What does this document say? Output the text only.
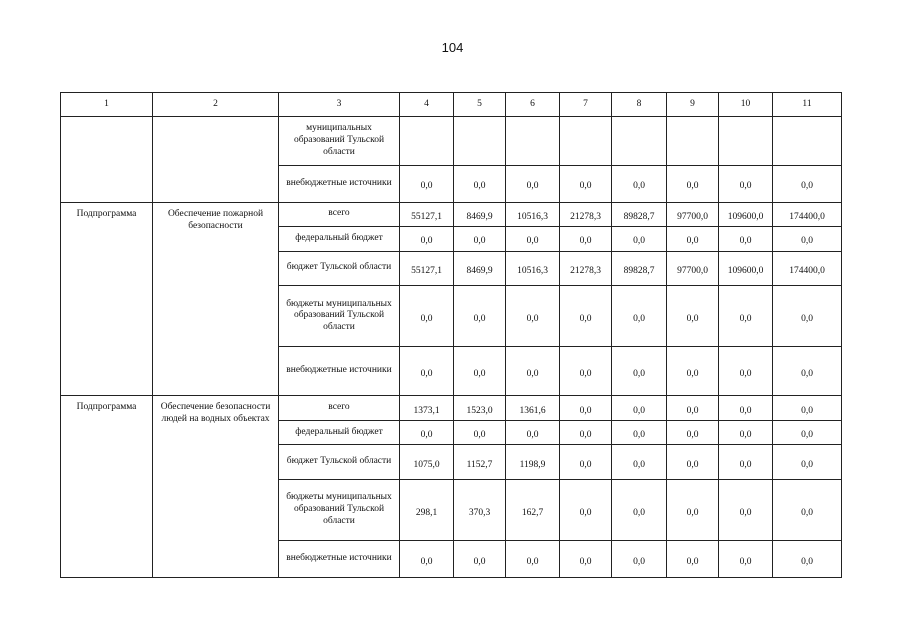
104
1	2	3	4	5	6	7	8	9	10	11
		муниципальных образований Тульской области								
		внебюджетные источники	0,0	0,0	0,0	0,0	0,0	0,0	0,0	0,0
Подпрограмма	Обеспечение пожарной безопасности	всего	55127,1	8469,9	10516,3	21278,3	89828,7	97700,0	109600,0	174400,0
		федеральный бюджет	0,0	0,0	0,0	0,0	0,0	0,0	0,0	0,0
		бюджет Тульской области	55127,1	8469,9	10516,3	21278,3	89828,7	97700,0	109600,0	174400,0
		бюджеты муниципальных образований Тульской области	0,0	0,0	0,0	0,0	0,0	0,0	0,0	0,0
		внебюджетные источники	0,0	0,0	0,0	0,0	0,0	0,0	0,0	0,0
Подпрограмма	Обеспечение безопасности людей на водных объектах	всего	1373,1	1523,0	1361,6	0,0	0,0	0,0	0,0	0,0
		федеральный бюджет	0,0	0,0	0,0	0,0	0,0	0,0	0,0	0,0
		бюджет Тульской области	1075,0	1152,7	1198,9	0,0	0,0	0,0	0,0	0,0
		бюджеты муниципальных образований Тульской области	298,1	370,3	162,7	0,0	0,0	0,0	0,0	0,0
		внебюджетные источники	0,0	0,0	0,0	0,0	0,0	0,0	0,0	0,0
